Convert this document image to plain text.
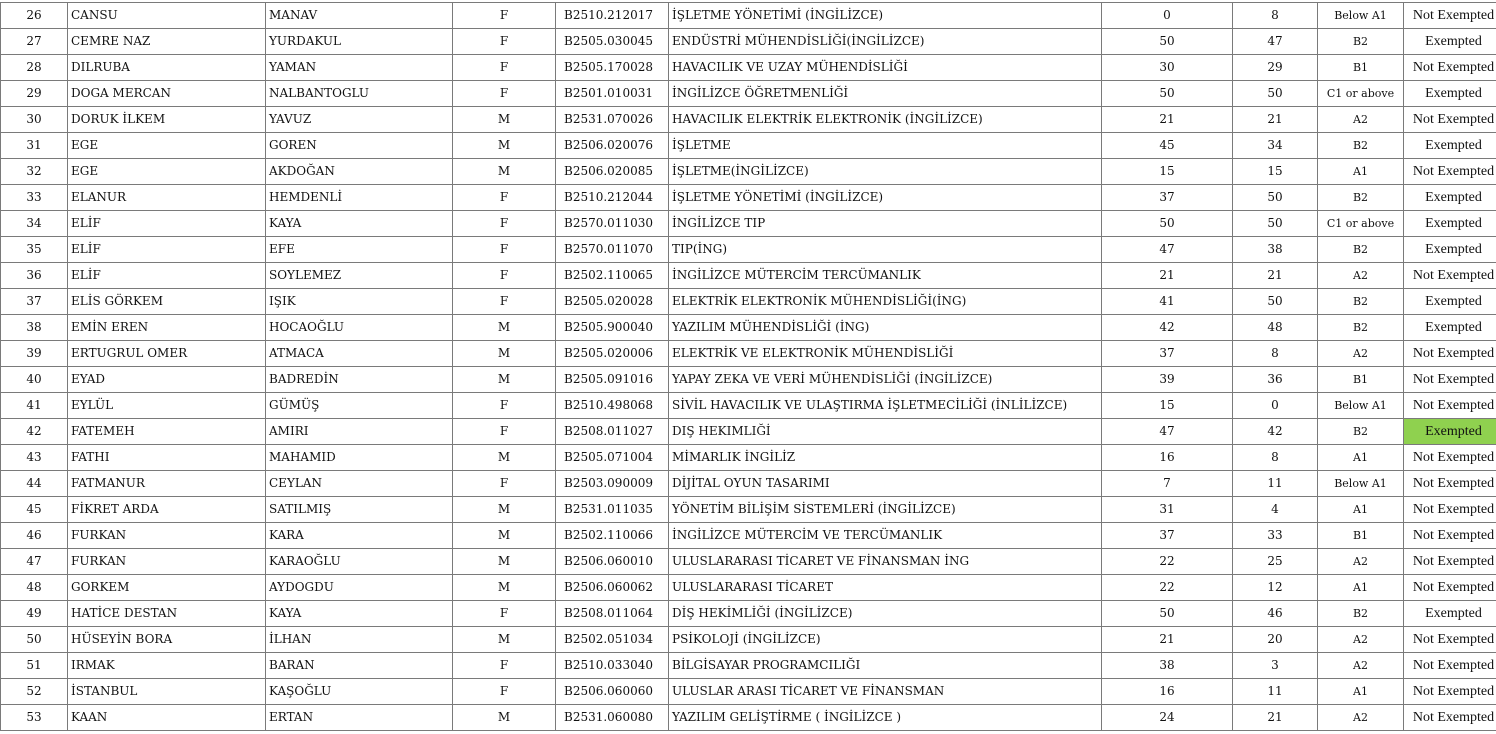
26	CANSU	MANAV	F	B2510.212017	İŞLETME YÖNETİMİ (İNGİLİZCE)	0	8	Below A1	Not Exempted	
27	CEMRE NAZ	YURDAKUL	F	B2505.030045	ENDÜSTRİ MÜHENDİSLİĞİ(İNGİLİZCE)	50	47	B2	Exempted	
28	DILRUBA	YAMAN	F	B2505.170028	HAVACILIK VE UZAY MÜHENDİSLİĞİ	30	29	B1	Not Exempted	
29	DOGA MERCAN	NALBANTOGLU	F	B2501.010031	İNGİLİZCE ÖĞRETMENLİĞİ	50	50	C1 or above	Exempted	
30	DORUK İLKEM	YAVUZ	M	B2531.070026	HAVACILIK ELEKTRİK ELEKTRONİK (İNGİLİZCE)	21	21	A2	Not Exempted	
31	EGE	GOREN	M	B2506.020076	İŞLETME	45	34	B2	Exempted	
32	EGE	AKDOĞAN	M	B2506.020085	İŞLETME(İNGİLİZCE)	15	15	A1	Not Exempted	
33	ELANUR	HEMDENLİ	F	B2510.212044	İŞLETME YÖNETİMİ (İNGİLİZCE)	37	50	B2	Exempted	
34	ELİF	KAYA	F	B2570.011030	İNGİLİZCE TIP	50	50	C1 or above	Exempted	
35	ELİF	EFE	F	B2570.011070	TIP(İNG)	47	38	B2	Exempted	
36	ELİF	SOYLEMEZ	F	B2502.110065	İNGİLİZCE MÜTERCİM TERCÜMANLIK	21	21	A2	Not Exempted	
37	ELİS GÖRKEM	IŞIK	F	B2505.020028	ELEKTRİK ELEKTRONİK MÜHENDİSLİĞİ(İNG)	41	50	B2	Exempted	
38	EMİN EREN	HOCAOĞLU	M	B2505.900040	YAZILIM MÜHENDİSLİĞİ (İNG)	42	48	B2	Exempted	
39	ERTUGRUL OMER	ATMACA	M	B2505.020006	ELEKTRİK VE ELEKTRONİK MÜHENDİSLİĞİ	37	8	A2	Not Exempted	
40	EYAD	BADREDİN	M	B2505.091016	YAPAY ZEKA VE VERİ MÜHENDİSLİĞİ (İNGİLİZCE)	39	36	B1	Not Exempted	
41	EYLÜL	GÜMÜŞ	F	B2510.498068	SİVİL HAVACILIK VE ULAŞTIRMA İŞLETMECİLİĞİ (İNLİLİZCE)	15	0	Below A1	Not Exempted	
42	FATEMEH	AMIRI	F	B2508.011027	DIŞ HEKIMLIĞİ	47	42	B2	Exempted	
43	FATHI	MAHAMID	M	B2505.071004	MİMARLIK İNGİLİZ	16	8	A1	Not Exempted	
44	FATMANUR	CEYLAN	F	B2503.090009	DİJİTAL OYUN TASARIMI	7	11	Below A1	Not Exempted	
45	FİKRET ARDA	SATILMIŞ	M	B2531.011035	YÖNETİM BİLİŞİM SİSTEMLERİ (İNGİLİZCE)	31	4	A1	Not Exempted	
46	FURKAN	KARA	M	B2502.110066	İNGİLİZCE MÜTERCİM VE TERCÜMANLIK	37	33	B1	Not Exempted	
47	FURKAN	KARAOĞLU	M	B2506.060010	ULUSLARARASI TİCARET VE FİNANSMAN İNG	22	25	A2	Not Exempted	
48	GORKEM	AYDOGDU	M	B2506.060062	ULUSLARARASI TİCARET	22	12	A1	Not Exempted	
49	HATİCE DESTAN	KAYA	F	B2508.011064	DİŞ HEKİMLİĞİ (İNGİLİZCE)	50	46	B2	Exempted	
50	HÜSEYİN BORA	İLHAN	M	B2502.051034	PSİKOLOJİ (İNGİLİZCE)	21	20	A2	Not Exempted	
51	IRMAK	BARAN	F	B2510.033040	BİLGİSAYAR PROGRAMCILIĞI	38	3	A2	Not Exempted	
52	İSTANBUL	KAŞOĞLU	F	B2506.060060	ULUSLAR ARASI TİCARET VE FİNANSMAN	16	11	A1	Not Exempted	
53	KAAN	ERTAN	M	B2531.060080	YAZILIM GELİŞTİRME ( İNGİLİZCE )	24	21	A2	Not Exempted	
